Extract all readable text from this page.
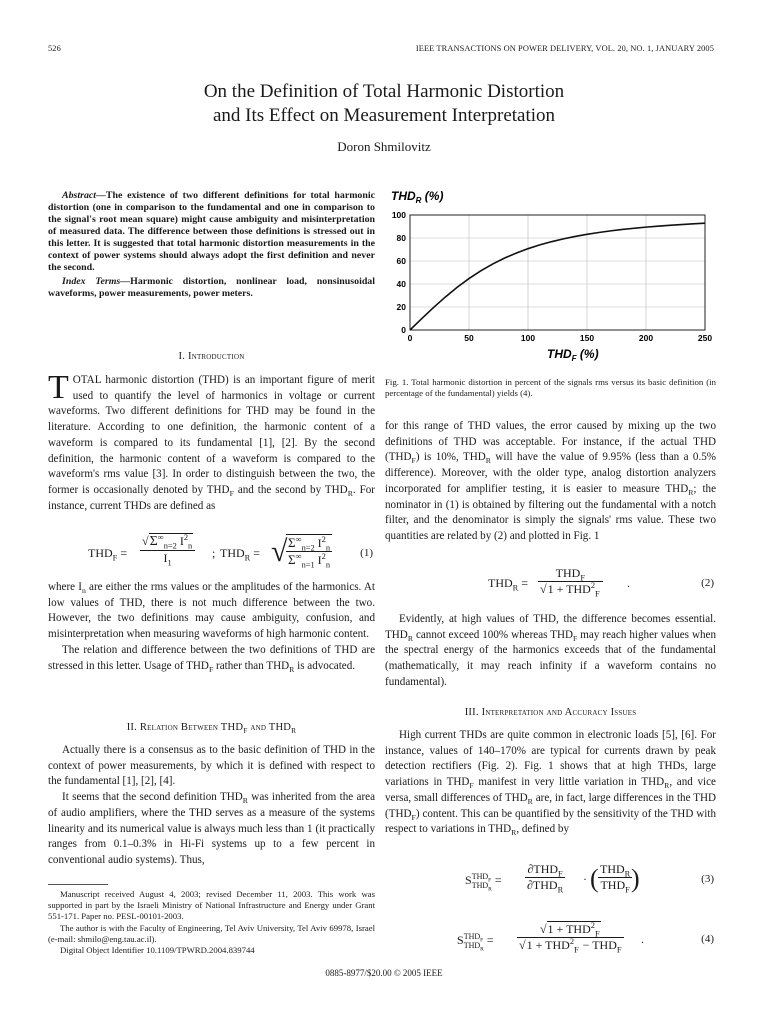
526	IEEE TRANSACTIONS ON POWER DELIVERY, VOL. 20, NO. 1, JANUARY 2005
On the Definition of Total Harmonic Distortion
and Its Effect on Measurement Interpretation
Doron Shmilovitz
Abstract—The existence of two different definitions for total harmonic distortion (one in comparison to the fundamental and one in comparison to the signal's root mean square) might cause ambiguity and misinterpretation of measured data. The difference between those definitions is stressed out in this letter. It is suggested that total harmonic distortion measurements in the context of power systems should always adopt the first definition and never the second.
Index Terms—Harmonic distortion, nonlinear load, nonsinusoidal waveforms, power measurements, power meters.
I. Introduction
TOTAL harmonic distortion (THD) is an important figure of merit used to quantify the level of harmonics in voltage or current waveforms. Two different definitions for THD may be found in the literature. According to one definition, the harmonic content of a waveform is compared to its fundamental [1], [2]. By the second definition, the harmonic content of a waveform is compared to the waveform's rms value [3]. In order to distinguish between the two, the former is occasionally denoted by $THD_F$ and the second by $THD_R$. For instance, current THDs are defined as
$THD_F = \frac{√\Sigma^\infty_{n=2} I^2_n}{I_1}$ ; $THD_R$ = √
$\frac{\Sigma^\infty_{n=2} I^2_n}{\Sigma^\infty_{n=1} I^2_n}$	(1)

where $I_n$ are either the rms values or the amplitudes of the harmonics. At low values of THD, there is not much difference between the two. However, the two definitions may cause ambiguity, confusion, and misinterpretation when measuring waveforms of high harmonic content.

The relation and difference between the two definitions of THD are stressed in this letter. Usage of $THD_F$ rather than $THD_R$ is advocated.

II. Relation Between $THD_F$ and $THD_R$

Actually there is a consensus as to the basic definition of THD in the context of power measurements, by which it is defined with respect to the fundamental [1], [2], [4].

It seems that the second definition $THD_R$ was inherited from the area of audio amplifiers, where the THD serves as a measure of the systems linearity and its numerical value is always much less than 1 (it practically ranges from 0.1–0.3% in Hi-Fi systems up to a few percent in conventional audio systems). Thus,

Manuscript received August 4, 2003; revised December 11, 2003. This work was supported in part by the Israeli Ministry of National Infrastructure and Energy under Grant 551-171. Paper no. PESL-00101-2003.
The author is with the Faculty of Engineering, Tel Aviv University, Tel Aviv 69978, Israel (e-mail: shmilo@eng.tau.ac.il).
Digital Object Identifier 10.1109/TPWRD.2004.839744
0885-8977/$20.00 © 2005 IEEE
$THD_R$ (%)
$THD_F$ (%)
0	50	100	150	200	250
0
20
40
60
80
100
Fig. 1. Total harmonic distortion in percent of the signals rms versus its basic definition (in percentage of the fundamental) yields (4).
for this range of THD values, the error caused by mixing up the two definitions of THD was acceptable. For instance, if the actual THD $(THD_F)$ is 10%, $THD_R$ will have the value of 9.95% (less than a 0.5% difference). Moreover, with the older type, analog distortion analyzers incorporated for amplifier testing, it is easier to measure $THD_R$; the nominator in (1) is obtained by filtering out the fundamental with a notch filter, and the denominator is simply the signals' rms value. These two quantities are related by (2) and plotted in Fig. 1
$THD_R$ =
$THD_F$
$√1 + THD^2_F$
.	(2)

Evidently, at high values of THD, the difference becomes essential. $THD_R$ cannot exceed 100% whereas $THD_F$ may reach higher values when the spectral energy of the harmonics exceeds that of the fundamental (mathematically, it may reach infinity if a waveform contains no fundamental).

III. Interpretation and Accuracy Issues

High current THDs are quite common in electronic loads [5], [6]. For instance, values of 140–170% are typical for currents drawn by peak detection rectifiers (Fig. 2). Fig. 1 shows that at high THDs, large variations in $THD_F$ manifest in very little variation in $THD_R$, and vice versa, small differences of $THD_R$ are, in fact, large differences in the THD $(THD_F)$ content. This can be quantified by the sensitivity of the THD with respect to variations in $THD_R$, defined by

S $THD_F$
$THD_R$
=
$\partial THD_F$
$\partial THD_R$
· ( $THD_R$
$THD_F$ )	(3)
S $THD_F$
$THD_R$
=
$√1 + THD^2_F$
$√1 + THD^2_F - THD_F$
.	(4)
